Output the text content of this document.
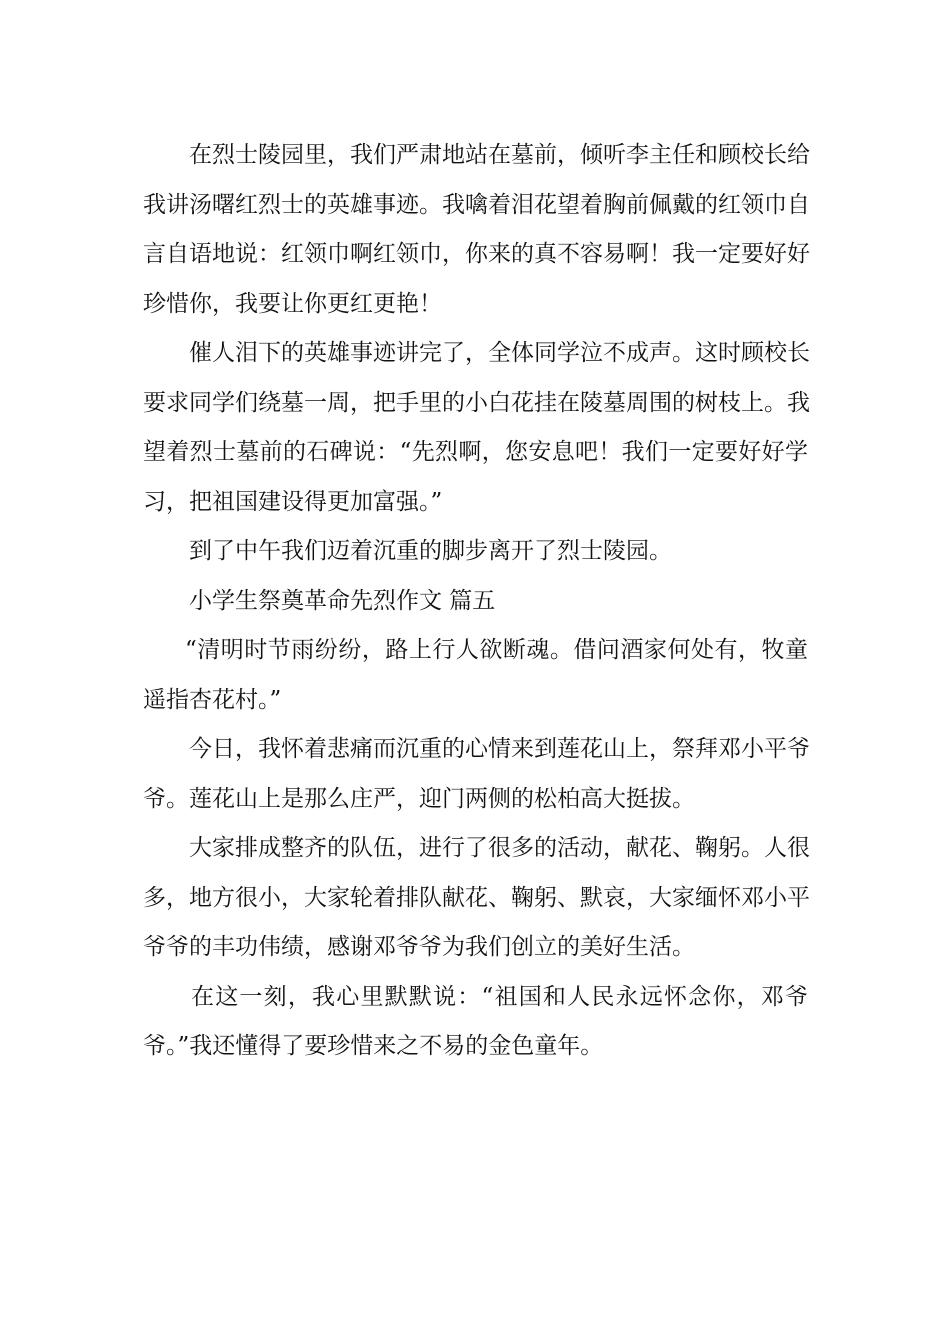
在烈士陵园里，我们严肃地站在墓前，倾听李主任和顾校长给
我讲汤曙红烈士的英雄事迹。我噙着泪花望着胸前佩戴的红领巾自
言自语地说：红领巾啊红领巾，你来的真不容易啊！我一定要好好
珍惜你，我要让你更红更艳！
催人泪下的英雄事迹讲完了，全体同学泣不成声。这时顾校长
要求同学们绕墓一周，把手里的小白花挂在陵墓周围的树枝上。我
望着烈士墓前的石碑说：“先烈啊，您安息吧！我们一定要好好学
习，把祖国建设得更加富强。”
到了中午我们迈着沉重的脚步离开了烈士陵园。
小学生祭奠革命先烈作文 篇五
“清明时节雨纷纷，路上行人欲断魂。借问酒家何处有，牧童
遥指杏花村。”
今日，我怀着悲痛而沉重的心情来到莲花山上，祭拜邓小平爷
爷。莲花山上是那么庄严，迎门两侧的松柏高大挺拔。
大家排成整齐的队伍，进行了很多的活动，献花、鞠躬。人很
多，地方很小，大家轮着排队献花、鞠躬、默哀，大家缅怀邓小平
爷爷的丰功伟绩，感谢邓爷爷为我们创立的美好生活。
在这一刻，我心里默默说：“祖国和人民永远怀念你，邓爷
爷。”我还懂得了要珍惜来之不易的金色童年。
